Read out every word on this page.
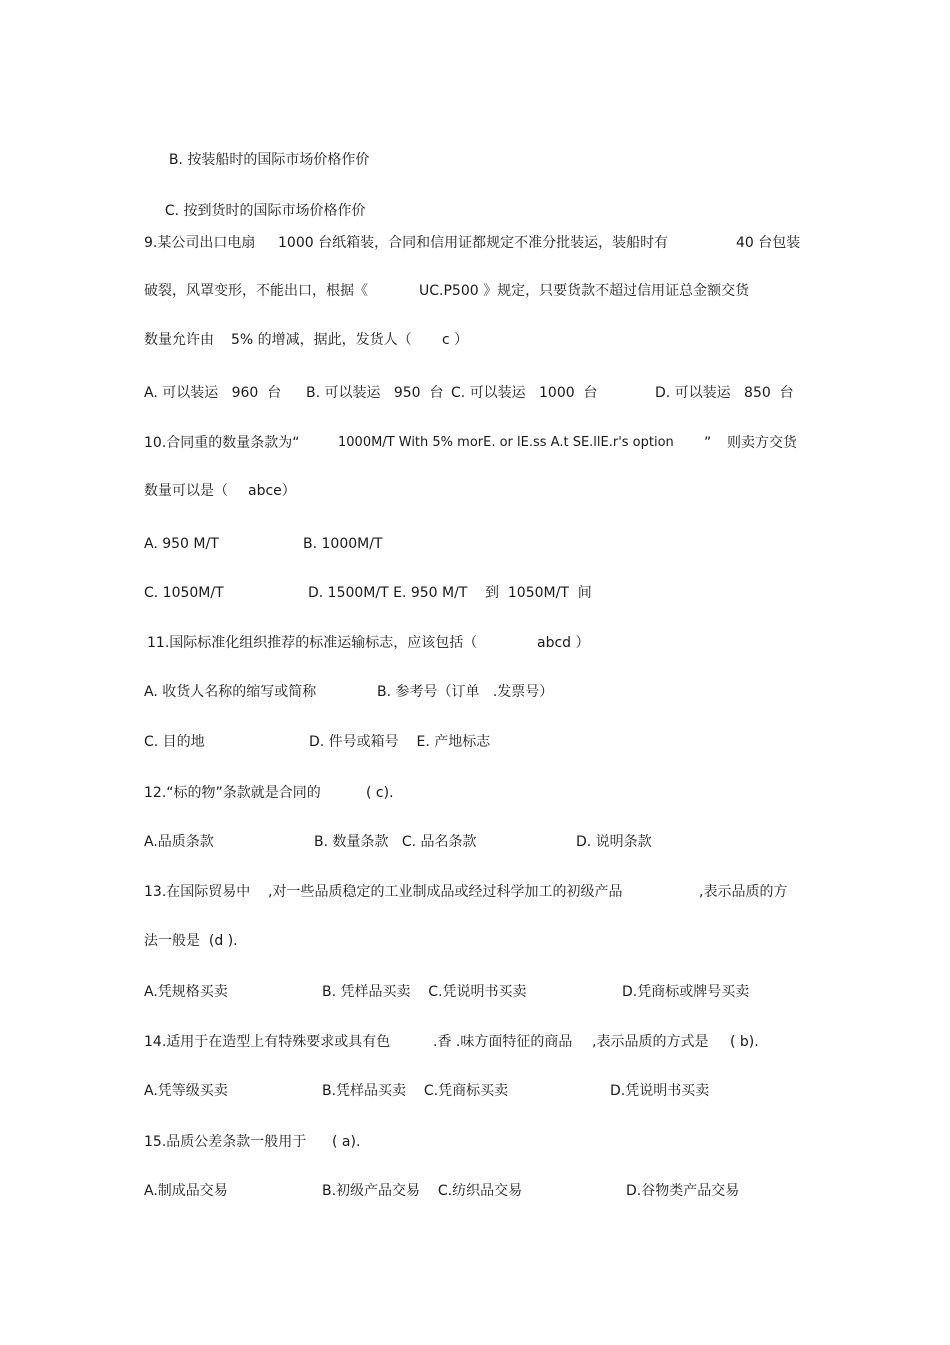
B. 按装船时的国际市场价格作价

C. 按到货时的国际市场价格作价

9.某公司出口电扇

1000 台纸箱装，合同和信用证都规定不准分批装运，装船时有

	40 台包装

破裂，风罩变形，不能出口，根据《

	UC.P500 》规定，只要货款不超过信用证总金额交货

数量允许由

5% 的增减，据此，发货人（

c ）

A. 可以装运   960  台

B. 可以装运   950  台

C. 可以装运   1000  台

	D. 可以装运   850  台

10.合同重的数量条款为“

	1000M/T With 5% morE. or lE.ss A.t SE.llE.r's option

”

则卖方交货

数量可以是（

abce）

A. 950 M/T

	B. 1000M/T

C. 1050M/T

	D. 1500M/T E. 950 M/T

到  1050M/T  间

11.国际标准化组织推荐的标准运输标志，应该包括（

	abcd ）

A. 收货人名称的缩写或简称

	B. 参考号（订单   .发票号）

C. 目的地

	D. 件号或箱号    E. 产地标志

12.“标的物”条款就是合同的

	( c).

A.品质条款

	B. 数量条款   C. 品名条款

	D. 说明条款

13.在国际贸易中

,对一些品质稳定的工业制成品或经过科学加工的初级产品

	,表示品质的方

法一般是  (d ).

A.凭规格买卖

	B. 凭样品买卖    C.凭说明书买卖

	D.凭商标或牌号买卖

14.适用于在造型上有特殊要求或具有色

	.香 .味方面特征的商品

,表示品质的方式是

( b).

A.凭等级买卖

	B.凭样品买卖    C.凭商标买卖

	D.凭说明书买卖

15.品质公差条款一般用于

( a).

A.制成品交易

	B.初级产品交易    C.纺织品交易

	D.谷物类产品交易
